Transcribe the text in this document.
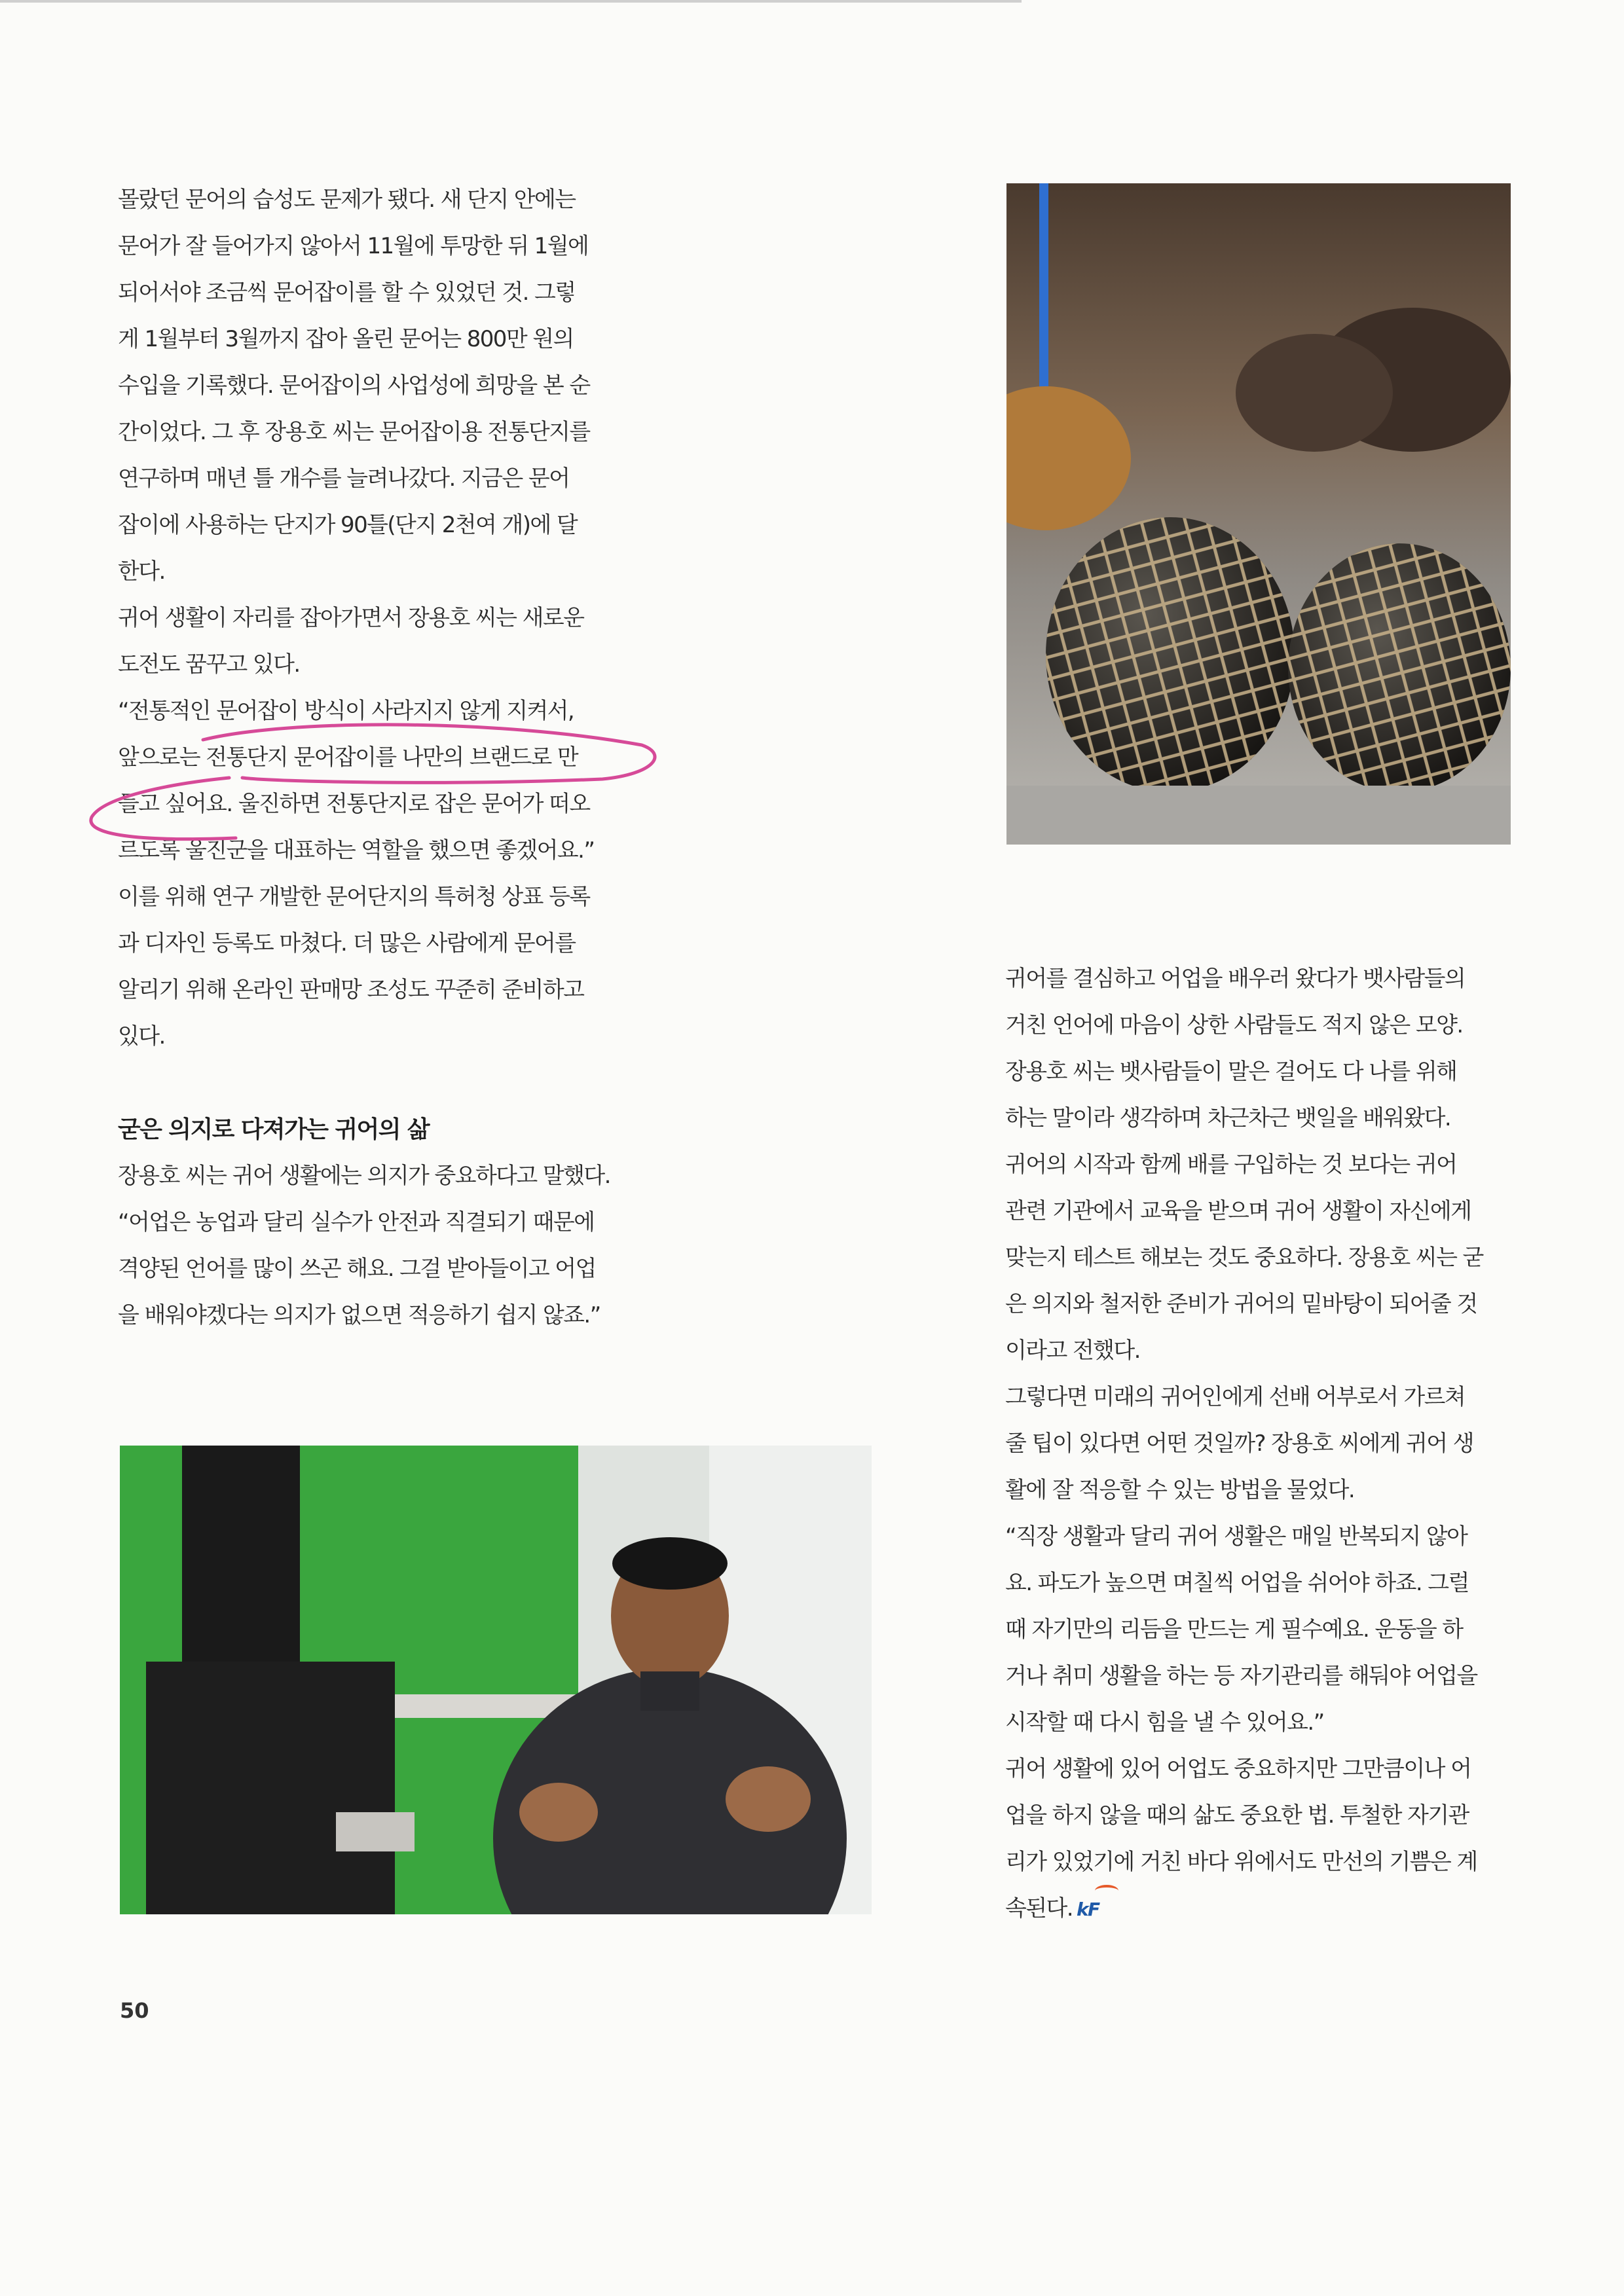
몰랐던 문어의 습성도 문제가 됐다. 새 단지 안에는
문어가 잘 들어가지 않아서 11월에 투망한 뒤 1월에
되어서야 조금씩 문어잡이를 할 수 있었던 것. 그렇
게 1월부터 3월까지 잡아 올린 문어는 800만 원의
수입을 기록했다. 문어잡이의 사업성에 희망을 본 순
간이었다. 그 후 장용호 씨는 문어잡이용 전통단지를
연구하며 매년 틀 개수를 늘려나갔다. 지금은 문어
잡이에 사용하는 단지가 90틀(단지 2천여 개)에 달
한다.

귀어 생활이 자리를 잡아가면서 장용호 씨는 새로운
도전도 꿈꾸고 있다.

“전통적인 문어잡이 방식이 사라지지 않게 지켜서,
앞으로는 전통단지 문어잡이를 나만의 브랜드로 만
들고 싶어요. 울진하면 전통단지로 잡은 문어가 떠오
르도록 울진군을 대표하는 역할을 했으면 좋겠어요.”

이를 위해 연구 개발한 문어단지의 특허청 상표 등록
과 디자인 등록도 마쳤다. 더 많은 사람에게 문어를
알리기 위해 온라인 판매망 조성도 꾸준히 준비하고
있다.

굳은 의지로 다져가는 귀어의 삶

장용호 씨는 귀어 생활에는 의지가 중요하다고 말했다.

“어업은 농업과 달리 실수가 안전과 직결되기 때문에
격양된 언어를 많이 쓰곤 해요. 그걸 받아들이고 어업
을 배워야겠다는 의지가 없으면 적응하기 쉽지 않죠.”

귀어를 결심하고 어업을 배우러 왔다가 뱃사람들의
거친 언어에 마음이 상한 사람들도 적지 않은 모양.
장용호 씨는 뱃사람들이 말은 걸어도 다 나를 위해
하는 말이라 생각하며 차근차근 뱃일을 배워왔다.

귀어의 시작과 함께 배를 구입하는 것 보다는 귀어
관련 기관에서 교육을 받으며 귀어 생활이 자신에게
맞는지 테스트 해보는 것도 중요하다. 장용호 씨는 굳
은 의지와 철저한 준비가 귀어의 밑바탕이 되어줄 것
이라고 전했다.

그렇다면 미래의 귀어인에게 선배 어부로서 가르쳐
줄 팁이 있다면 어떤 것일까? 장용호 씨에게 귀어 생
활에 잘 적응할 수 있는 방법을 물었다.

“직장 생활과 달리 귀어 생활은 매일 반복되지 않아
요. 파도가 높으면 며칠씩 어업을 쉬어야 하죠. 그럴
때 자기만의 리듬을 만드는 게 필수예요. 운동을 하
거나 취미 생활을 하는 등 자기관리를 해둬야 어업을
시작할 때 다시 힘을 낼 수 있어요.”

귀어 생활에 있어 어업도 중요하지만 그만큼이나 어
업을 하지 않을 때의 삶도 중요한 법. 투철한 자기관
리가 있었기에 거친 바다 위에서도 만선의 기쁨은 계
속된다. kF

50
